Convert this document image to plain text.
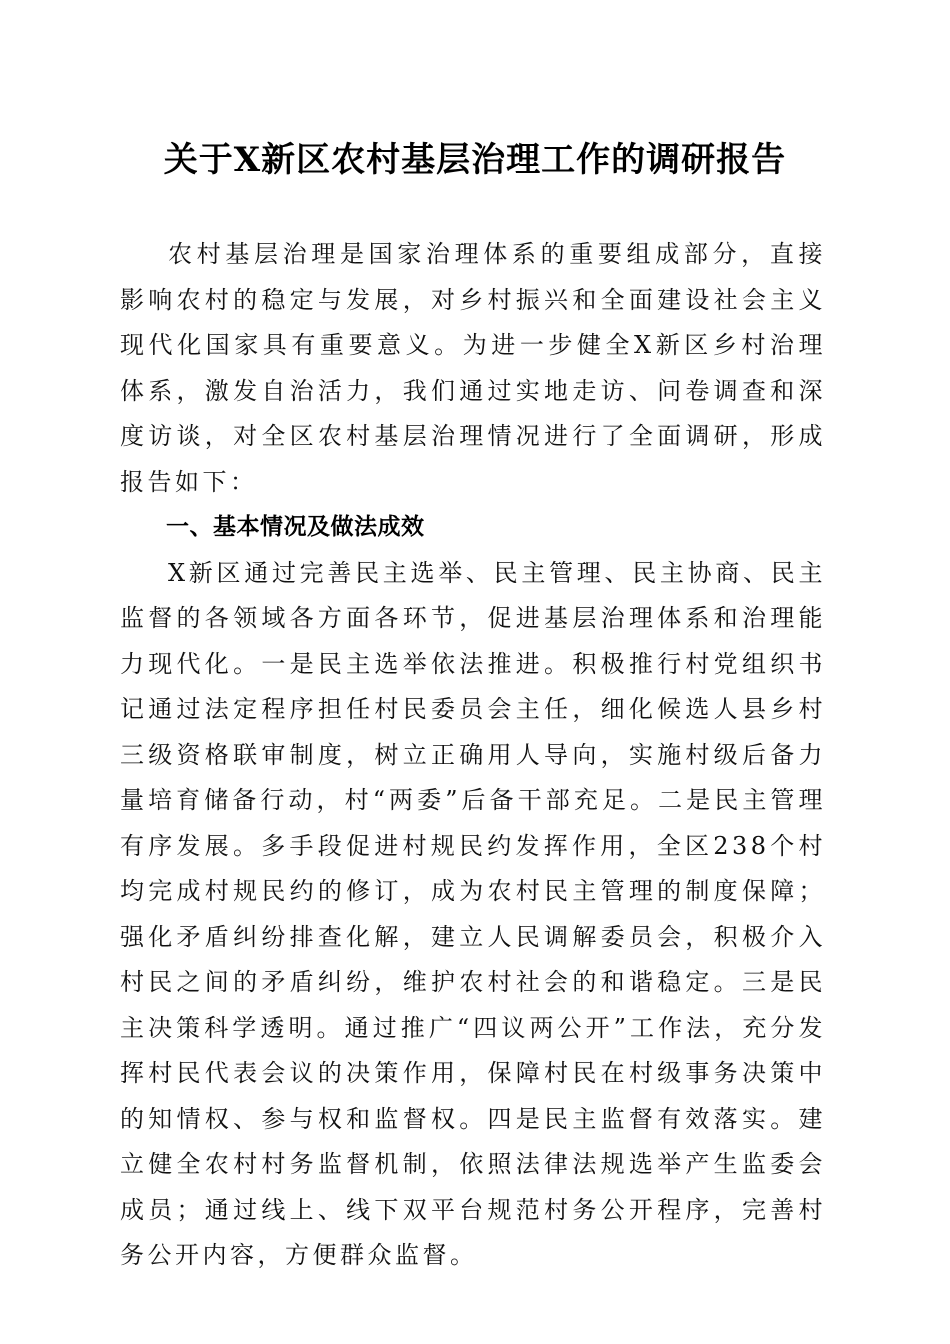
关于X新区农村基层治理工作的调研报告

农村基层治理是国家治理体系的重要组成部分，直接影响农村的稳定与发展，对乡村振兴和全面建设社会主义现代化国家具有重要意义。为进一步健全X新区乡村治理体系，激发自治活力，我们通过实地走访、问卷调查和深度访谈，对全区农村基层治理情况进行了全面调研，形成报告如下：

一、基本情况及做法成效

X新区通过完善民主选举、民主管理、民主协商、民主监督的各领域各方面各环节，促进基层治理体系和治理能力现代化。一是民主选举依法推进。积极推行村党组织书记通过法定程序担任村民委员会主任，细化候选人县乡村三级资格联审制度，树立正确用人导向，实施村级后备力量培育储备行动，村“两委”后备干部充足。二是民主管理有序发展。多手段促进村规民约发挥作用，全区238个村均完成村规民约的修订，成为农村民主管理的制度保障；强化矛盾纠纷排查化解，建立人民调解委员会，积极介入村民之间的矛盾纠纷，维护农村社会的和谐稳定。三是民主决策科学透明。通过推广“四议两公开”工作法，充分发挥村民代表会议的决策作用，保障村民在村级事务决策中的知情权、参与权和监督权。四是民主监督有效落实。建立健全农村村务监督机制，依照法律法规选举产生监委会成员；通过线上、线下双平台规范村务公开程序，完善村务公开内容，方便群众监督。
